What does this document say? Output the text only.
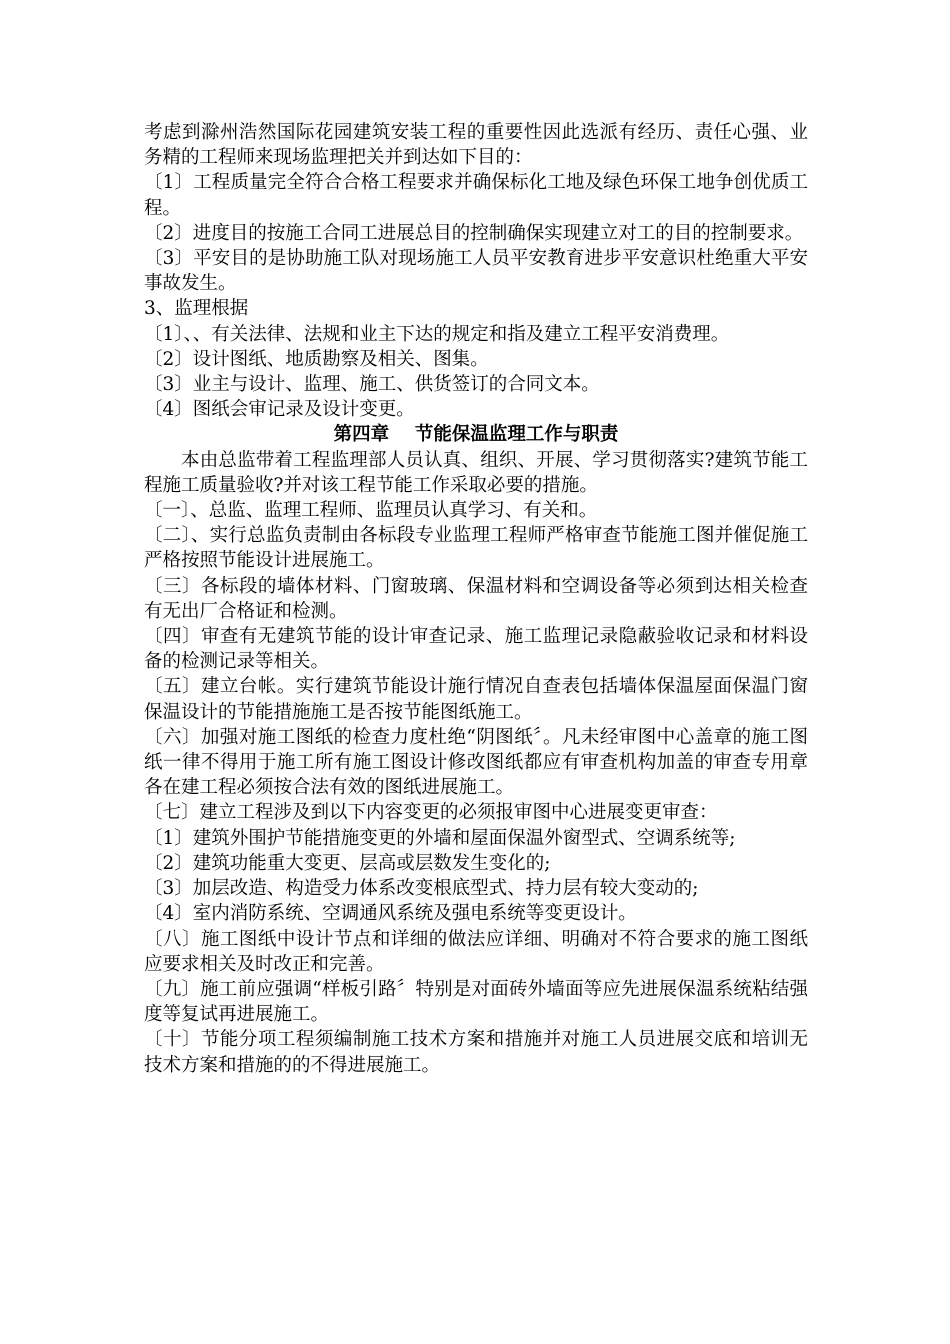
考虑到滁州浩然国际花园建筑安装工程的重要性因此选派有经历、责任心强、业务精的工程师来现场监理把关并到达如下目的：

〔1〕工程质量完全符合合格工程要求并确保标化工地及绿色环保工地争创优质工程。

〔2〕进度目的按施工合同工进展总目的控制确保实现建立对工的目的控制要求。

〔3〕平安目的是协助施工队对现场施工人员平安教育进步平安意识杜绝重大平安事故发生。

3、监理根据

〔1〕、、有关法律、法规和业主下达的规定和指及建立工程平安消费理。

〔2〕设计图纸、地质勘察及相关、图集。

〔3〕业主与设计、监理、施工、供货签订的合同文本。

〔4〕图纸会审记录及设计变更。

第四章    节能保温监理工作与职责

本由总监带着工程监理部人员认真、组织、开展、学习贯彻落实?建筑节能工程施工质量验收?并对该工程节能工作采取必要的措施。

〔一〕、总监、监理工程师、监理员认真学习、有关和。

〔二〕、实行总监负责制由各标段专业监理工程师严格审查节能施工图并催促施工严格按照节能设计进展施工。

〔三〕各标段的墙体材料、门窗玻璃、保温材料和空调设备等必须到达相关检查有无出厂合格证和检测。

〔四〕审查有无建筑节能的设计审查记录、施工监理记录隐蔽验收记录和材料设备的检测记录等相关。

〔五〕建立台帐。实行建筑节能设计施行情况自查表包括墙体保温屋面保温门窗保温设计的节能措施施工是否按节能图纸施工。

〔六〕加强对施工图纸的检查力度杜绝“阴图纸〞。凡未经审图中心盖章的施工图纸一律不得用于施工所有施工图设计修改图纸都应有审查机构加盖的审查专用章各在建工程必须按合法有效的图纸进展施工。

〔七〕建立工程涉及到以下内容变更的必须报审图中心进展变更审查：

〔1〕建筑外围护节能措施变更的外墙和屋面保温外窗型式、空调系统等;

〔2〕建筑功能重大变更、层高或层数发生变化的;

〔3〕加层改造、构造受力体系改变根底型式、持力层有较大变动的;

〔4〕室内消防系统、空调通风系统及强电系统等变更设计。

〔八〕施工图纸中设计节点和详细的做法应详细、明确对不符合要求的施工图纸应要求相关及时改正和完善。

〔九〕施工前应强调“样板引路〞特别是对面砖外墙面等应先进展保温系统粘结强度等复试再进展施工。

〔十〕节能分项工程须编制施工技术方案和措施并对施工人员进展交底和培训无技术方案和措施的的不得进展施工。
